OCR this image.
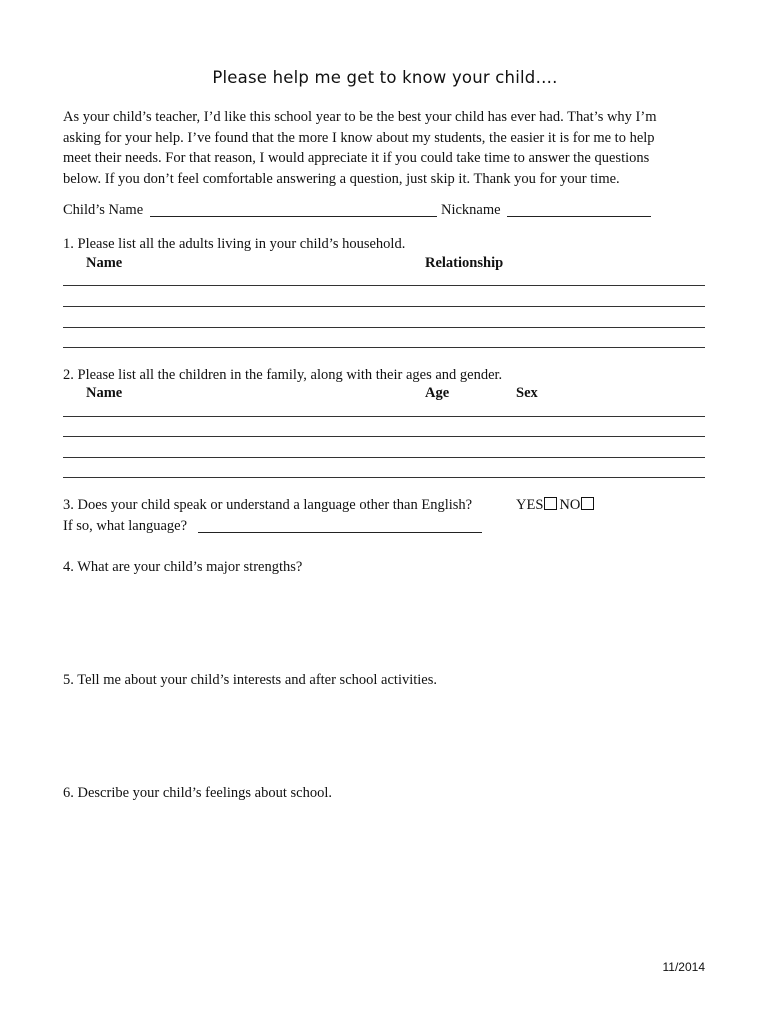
Please help me get to know your child….
As your child’s teacher, I’d like this school year to be the best your child has ever had. That’s why I’m
asking for your help. I’ve found that the more I know about my students, the easier it is for me to help
meet their needs. For that reason, I would appreciate it if you could take time to answer the questions
below. If you don’t feel comfortable answering a question, just skip it. Thank you for your time.
Child’s Name	Nickname
1. Please list all the adults living in your child’s household.
Name	Relationship
2. Please list all the children in the family, along with their ages and gender.
Name	Age	Sex
3. Does your child speak or understand a language other than English?	YES NO
If so, what language?
4. What are your child’s major strengths?
5. Tell me about your child’s interests and after school activities.
6. Describe your child’s feelings about school.
11/2014
